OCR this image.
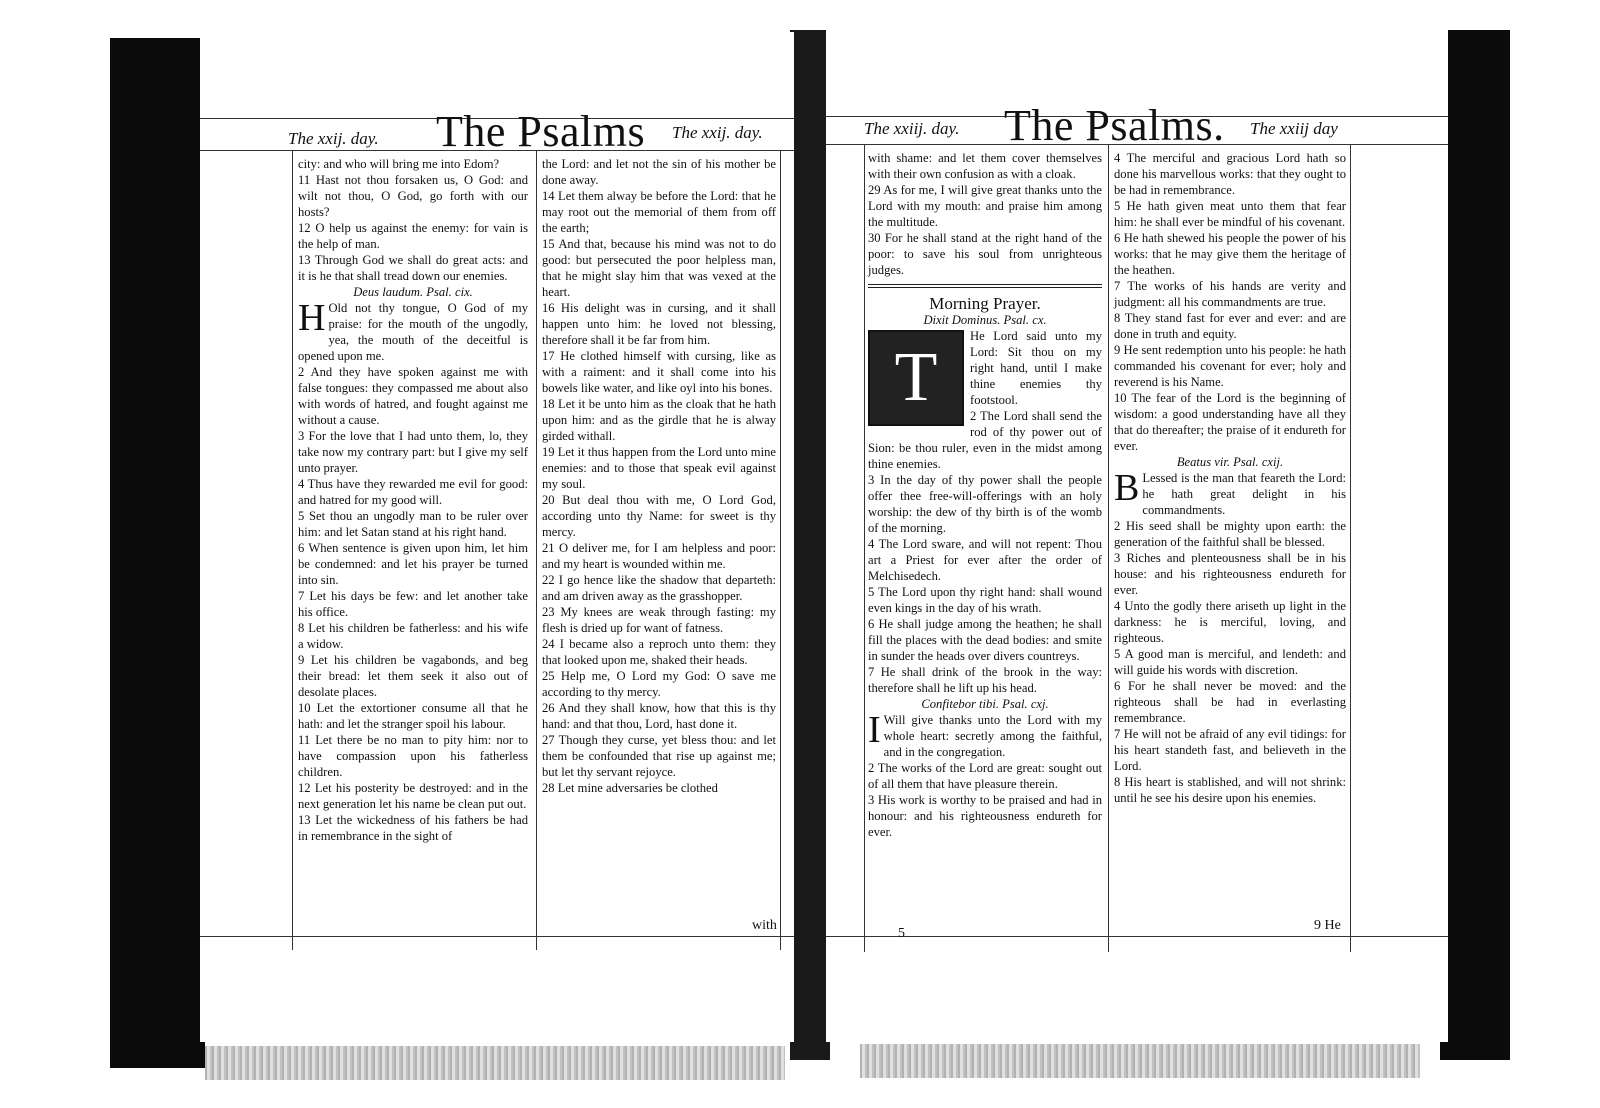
The xxij. day. The Psalms The xxij. day.

city: and who will bring me into Edom?

11 Hast not thou forsaken us, O God: and wilt not thou, O God, go forth with our hosts?

12 O help us against the enemy: for vain is the help of man.

13 Through God we shall do great acts: and it is he that shall tread down our enemies.

Deus laudum. Psal. cix.

H Old not thy tongue, O God of my praise: for the mouth of the ungodly, yea, the mouth of the deceitful is opened upon me.

2 And they have spoken against me with false tongues: they compassed me about also with words of hatred, and fought against me without a cause.

3 For the love that I had unto them, lo, they take now my contrary part: but I give my self unto prayer.

4 Thus have they rewarded me evil for good: and hatred for my good will.

5 Set thou an ungodly man to be ruler over him: and let Satan stand at his right hand.

6 When sentence is given upon him, let him be condemned: and let his prayer be turned into sin.

7 Let his days be few: and let another take his office.

8 Let his children be fatherless: and his wife a widow.

9 Let his children be vagabonds, and beg their bread: let them seek it also out of desolate places.

10 Let the extortioner consume all that he hath: and let the stranger spoil his labour.

11 Let there be no man to pity him: nor to have compassion upon his fatherless children.

12 Let his posterity be destroyed: and in the next generation let his name be clean put out.

13 Let the wickedness of his fathers be had in remembrance in the sight of

the Lord: and let not the sin of his mother be done away.

14 Let them alway be before the Lord: that he may root out the memorial of them from off the earth;

15 And that, because his mind was not to do good: but persecuted the poor helpless man, that he might slay him that was vexed at the heart.

16 His delight was in cursing, and it shall happen unto him: he loved not blessing, therefore shall it be far from him.

17 He clothed himself with cursing, like as with a raiment: and it shall come into his bowels like water, and like oyl into his bones.

18 Let it be unto him as the cloak that he hath upon him: and as the girdle that he is alway girded withall.

19 Let it thus happen from the Lord unto mine enemies: and to those that speak evil against my soul.

20 But deal thou with me, O Lord God, according unto thy Name: for sweet is thy mercy.

21 O deliver me, for I am helpless and poor: and my heart is wounded within me.

22 I go hence like the shadow that departeth: and am driven away as the grasshopper.

23 My knees are weak through fasting: my flesh is dried up for want of fatness.

24 I became also a reproch unto them: they that looked upon me, shaked their heads.

25 Help me, O Lord my God: O save me according to thy mercy.

26 And they shall know, how that this is thy hand: and that thou, Lord, hast done it.

27 Though they curse, yet bless thou: and let them be confounded that rise up against me; but let thy servant rejoyce.

28 Let mine adversaries be clothed

with
The xxiij. day. The Psalms. The xxiij day

with shame: and let them cover themselves with their own confusion as with a cloak.

29 As for me, I will give great thanks unto the Lord with my mouth: and praise him among the multitude.

30 For he shall stand at the right hand of the poor: to save his soul from unrighteous judges.

Morning Prayer.

Dixit Dominus. Psal. cx.

T
He Lord said unto my Lord: Sit thou on my right hand, until I make thine enemies thy footstool.

2 The Lord shall send the rod of thy power out of Sion: be thou ruler, even in the midst among thine enemies.

3 In the day of thy power shall the people offer thee free-will-offerings with an holy worship: the dew of thy birth is of the womb of the morning.

4 The Lord sware, and will not repent: Thou art a Priest for ever after the order of Melchisedech.

5 The Lord upon thy right hand: shall wound even kings in the day of his wrath.

6 He shall judge among the heathen; he shall fill the places with the dead bodies: and smite in sunder the heads over divers countreys.

7 He shall drink of the brook in the way: therefore shall he lift up his head.

Confitebor tibi. Psal. cxj.

I Will give thanks unto the Lord with my whole heart: secretly among the faithful, and in the congregation.

2 The works of the Lord are great: sought out of all them that have pleasure therein.

3 His work is worthy to be praised and had in honour: and his righteousness endureth for ever.

4 The merciful and gracious Lord hath so done his marvellous works: that they ought to be had in remembrance.

5 He hath given meat unto them that fear him: he shall ever be mindful of his covenant.

6 He hath shewed his people the power of his works: that he may give them the heritage of the heathen.

7 The works of his hands are verity and judgment: all his commandments are true.

8 They stand fast for ever and ever: and are done in truth and equity.

9 He sent redemption unto his people: he hath commanded his covenant for ever; holy and reverend is his Name.

10 The fear of the Lord is the beginning of wisdom: a good understanding have all they that do thereafter; the praise of it endureth for ever.

Beatus vir. Psal. cxij.

B Lessed is the man that feareth the Lord: he hath great delight in his commandments.

2 His seed shall be mighty upon earth: the generation of the faithful shall be blessed.

3 Riches and plenteousness shall be in his house: and his righteousness endureth for ever.

4 Unto the godly there ariseth up light in the darkness: he is merciful, loving, and righteous.

5 A good man is merciful, and lendeth: and will guide his words with discretion.

6 For he shall never be moved: and the righteous shall be had in everlasting remembrance.

7 He will not be afraid of any evil tidings: for his heart standeth fast, and believeth in the Lord.

8 His heart is stablished, and will not shrink: until he see his desire upon his enemies.

5
9 He
